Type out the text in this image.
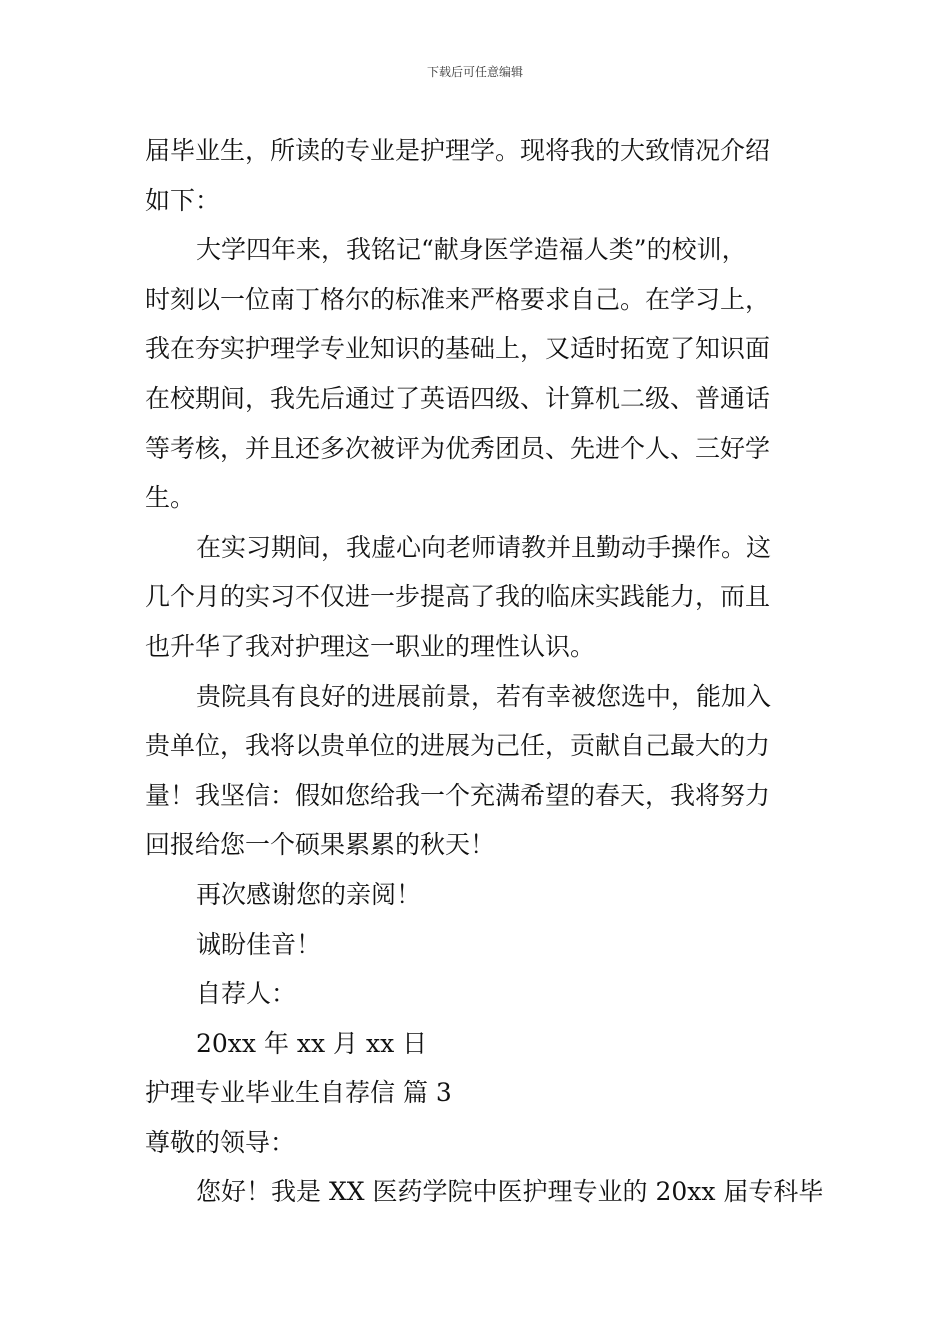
下载后可任意编辑
届毕业生，所读的专业是护理学。现将我的大致情况介绍
如下：
大学四年来，我铭记“献身医学造福人类”的校训，
时刻以一位南丁格尔的标准来严格要求自己。在学习上，
我在夯实护理学专业知识的基础上，又适时拓宽了知识面
在校期间，我先后通过了英语四级、计算机二级、普通话
等考核，并且还多次被评为优秀团员、先进个人、三好学
生。
在实习期间，我虚心向老师请教并且勤动手操作。这
几个月的实习不仅进一步提高了我的临床实践能力，而且
也升华了我对护理这一职业的理性认识。
贵院具有良好的进展前景，若有幸被您选中，能加入
贵单位，我将以贵单位的进展为己任，贡献自己最大的力
量！我坚信：假如您给我一个充满希望的春天，我将努力
回报给您一个硕果累累的秋天！
再次感谢您的亲阅！
诚盼佳音！
自荐人：
20xx 年 xx 月 xx 日
护理专业毕业生自荐信 篇 3
尊敬的领导：
您好！我是 XX 医药学院中医护理专业的 20xx 届专科毕
